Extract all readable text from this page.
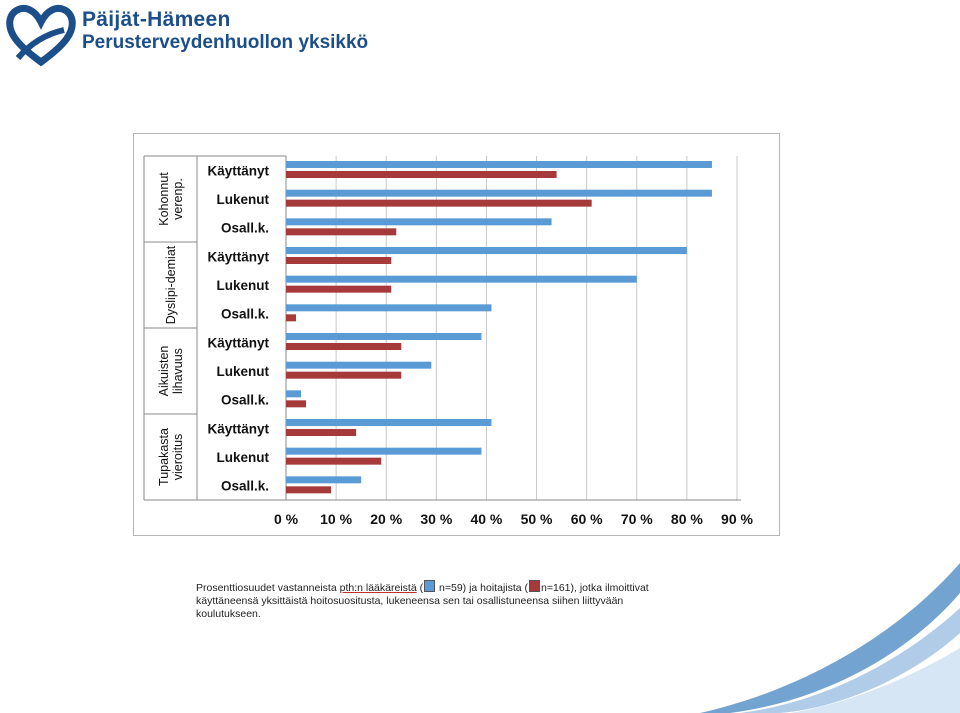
Päijät-Hämeen
Perusterveydenhuollon yksikkö
Kohonnutverenp.
Dyslipi-demiat
Aikuistenlihavuus
Tupakastavieroitus
Käyttänyt
Lukenut
Osall.k.
Käyttänyt
Lukenut
Osall.k.
Käyttänyt
Lukenut
Osall.k.
Käyttänyt
Lukenut
Osall.k.
0 % 10 % 20 % 30 % 40 % 50 % 60 % 70 % 80 % 90 %
Prosenttiosuudet vastanneista pth:n lääkäreistä ( n=59) ja hoitajista ( n=161), jotka ilmoittivat käyttäneensä yksittäistä hoitosuositusta, lukeneensa sen tai osallistuneensa siihen liittyvään koulutukseen.
